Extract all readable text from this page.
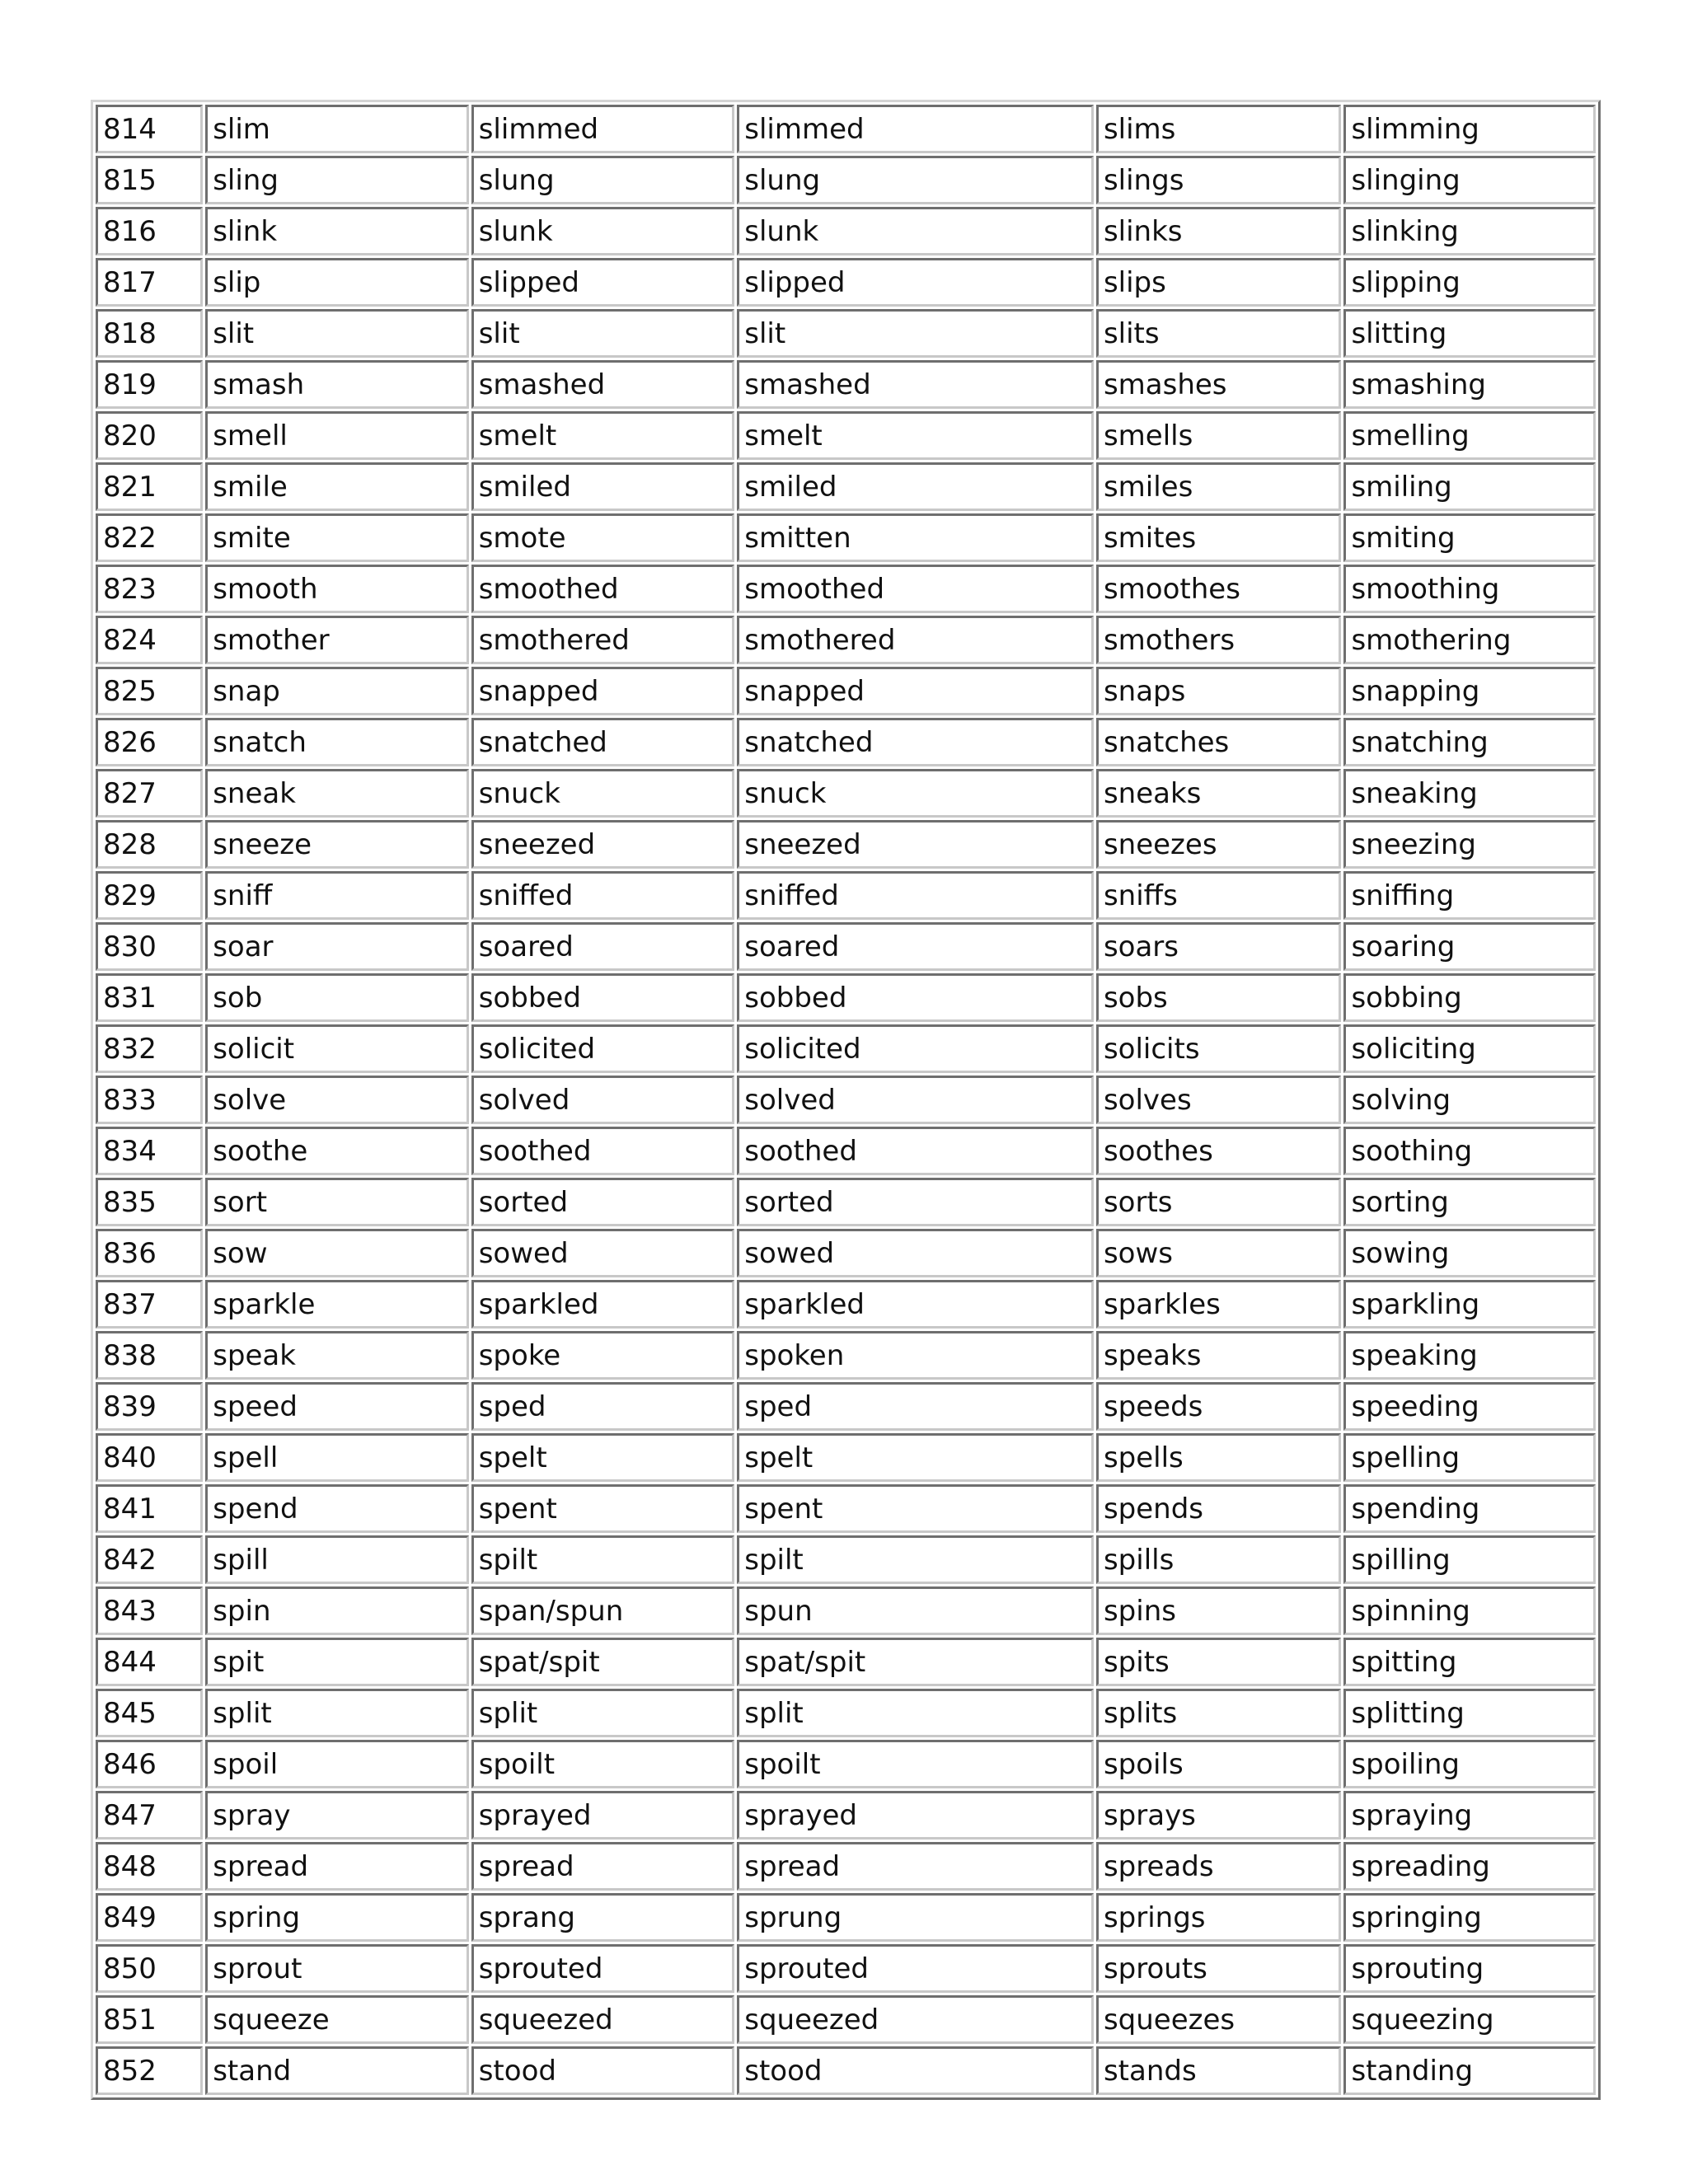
814	slim	slimmed	slimmed	slims	slimming
815	sling	slung	slung	slings	slinging
816	slink	slunk	slunk	slinks	slinking
817	slip	slipped	slipped	slips	slipping
818	slit	slit	slit	slits	slitting
819	smash	smashed	smashed	smashes	smashing
820	smell	smelt	smelt	smells	smelling
821	smile	smiled	smiled	smiles	smiling
822	smite	smote	smitten	smites	smiting
823	smooth	smoothed	smoothed	smoothes	smoothing
824	smother	smothered	smothered	smothers	smothering
825	snap	snapped	snapped	snaps	snapping
826	snatch	snatched	snatched	snatches	snatching
827	sneak	snuck	snuck	sneaks	sneaking
828	sneeze	sneezed	sneezed	sneezes	sneezing
829	sniff	sniffed	sniffed	sniffs	sniffing
830	soar	soared	soared	soars	soaring
831	sob	sobbed	sobbed	sobs	sobbing
832	solicit	solicited	solicited	solicits	soliciting
833	solve	solved	solved	solves	solving
834	soothe	soothed	soothed	soothes	soothing
835	sort	sorted	sorted	sorts	sorting
836	sow	sowed	sowed	sows	sowing
837	sparkle	sparkled	sparkled	sparkles	sparkling
838	speak	spoke	spoken	speaks	speaking
839	speed	sped	sped	speeds	speeding
840	spell	spelt	spelt	spells	spelling
841	spend	spent	spent	spends	spending
842	spill	spilt	spilt	spills	spilling
843	spin	span/spun	spun	spins	spinning
844	spit	spat/spit	spat/spit	spits	spitting
845	split	split	split	splits	splitting
846	spoil	spoilt	spoilt	spoils	spoiling
847	spray	sprayed	sprayed	sprays	spraying
848	spread	spread	spread	spreads	spreading
849	spring	sprang	sprung	springs	springing
850	sprout	sprouted	sprouted	sprouts	sprouting
851	squeeze	squeezed	squeezed	squeezes	squeezing
852	stand	stood	stood	stands	standing
